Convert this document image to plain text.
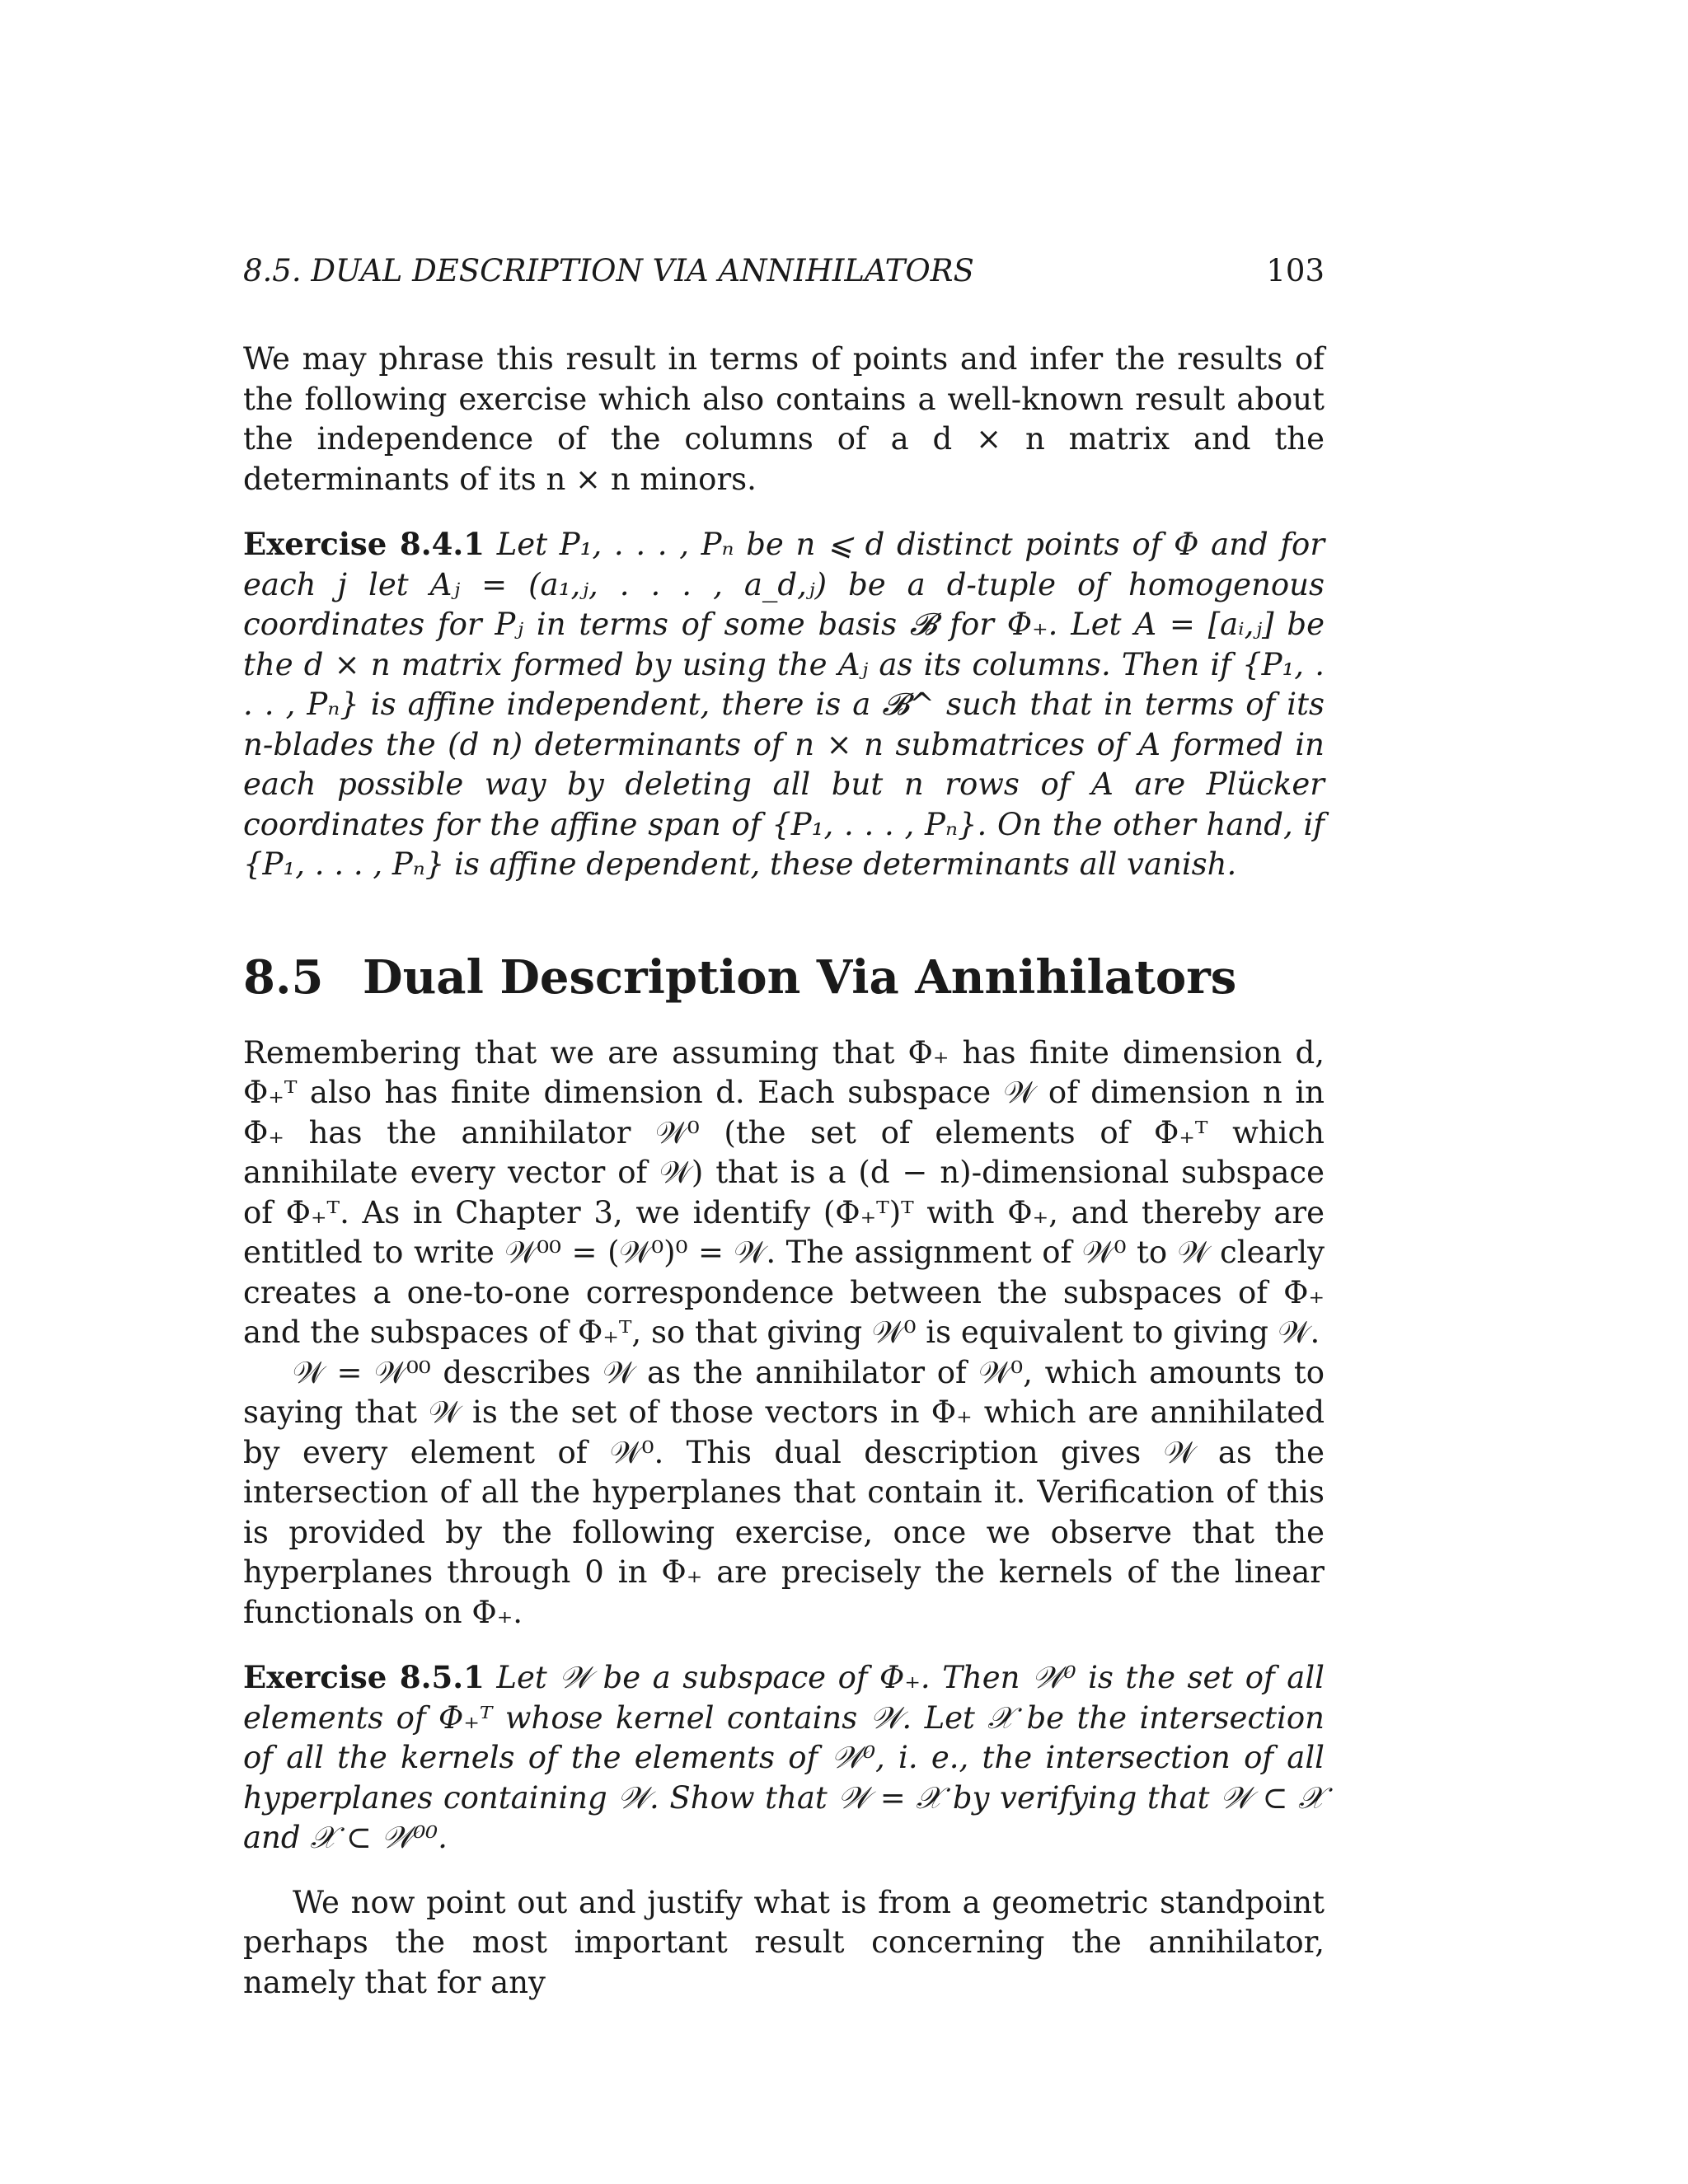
8.5. DUAL DESCRIPTION VIA ANNIHILATORS	103

We may phrase this result in terms of points and infer the results of the following exercise which also contains a well-known result about the independence of the columns of a d × n matrix and the determinants of its n × n minors.

Exercise 8.4.1 Let P₁, . . . , Pₙ be n ⩽ d distinct points of Φ and for each j let Aⱼ = (a₁,ⱼ, . . . , a_d,ⱼ) be a d-tuple of homogenous coordinates for Pⱼ in terms of some basis 𝓑 for Φ₊. Let A = [aᵢ,ⱼ] be the d × n matrix formed by using the Aⱼ as its columns. Then if {P₁, . . . , Pₙ} is affine independent, there is a 𝓑^ such that in terms of its n-blades the (d n) determinants of n × n submatrices of A formed in each possible way by deleting all but n rows of A are Plücker coordinates for the affine span of {P₁, . . . , Pₙ}. On the other hand, if {P₁, . . . , Pₙ} is affine dependent, these determinants all vanish.

8.5 Dual Description Via Annihilators

Remembering that we are assuming that Φ₊ has finite dimension d, Φ₊ᵀ also has finite dimension d. Each subspace 𝒲 of dimension n in Φ₊ has the annihilator 𝒲⁰ (the set of elements of Φ₊ᵀ which annihilate every vector of 𝒲) that is a (d − n)-dimensional subspace of Φ₊ᵀ. As in Chapter 3, we identify (Φ₊ᵀ)ᵀ with Φ₊, and thereby are entitled to write 𝒲⁰⁰ = (𝒲⁰)⁰ = 𝒲. The assignment of 𝒲⁰ to 𝒲 clearly creates a one-to-one correspondence between the subspaces of Φ₊ and the subspaces of Φ₊ᵀ, so that giving 𝒲⁰ is equivalent to giving 𝒲.

𝒲 = 𝒲⁰⁰ describes 𝒲 as the annihilator of 𝒲⁰, which amounts to saying that 𝒲 is the set of those vectors in Φ₊ which are annihilated by every element of 𝒲⁰. This dual description gives 𝒲 as the intersection of all the hyperplanes that contain it. Verification of this is provided by the following exercise, once we observe that the hyperplanes through 0 in Φ₊ are precisely the kernels of the linear functionals on Φ₊.

Exercise 8.5.1 Let 𝒲 be a subspace of Φ₊. Then 𝒲⁰ is the set of all elements of Φ₊ᵀ whose kernel contains 𝒲. Let 𝒳 be the intersection of all the kernels of the elements of 𝒲⁰, i. e., the intersection of all hyperplanes containing 𝒲. Show that 𝒲 = 𝒳 by verifying that 𝒲 ⊂ 𝒳 and 𝒳 ⊂ 𝒲⁰⁰.

We now point out and justify what is from a geometric standpoint perhaps the most important result concerning the annihilator, namely that for any
